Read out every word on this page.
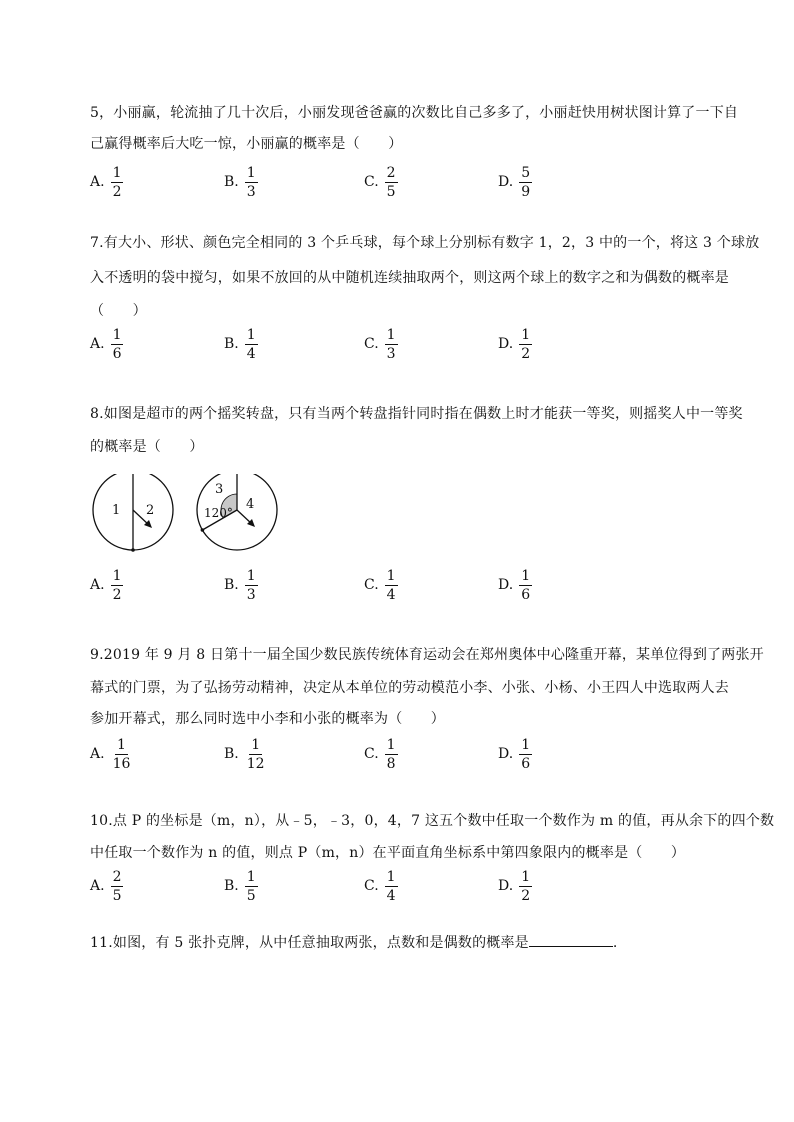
5，小丽赢，轮流抽了几十次后，小丽发现爸爸赢的次数比自己多多了，小丽赶快用树状图计算了一下自
己赢得概率后大吃一惊，小丽赢的概率是（　　）
A. $\frac{1}{2}$	B. $\frac{1}{3}$	C. $\frac{2}{5}$	D. $\frac{5}{9}$
7.有大小、形状、颜色完全相同的 3 个乒乓球，每个球上分别标有数字 1，2，3 中的一个，将这 3 个球放
入不透明的袋中搅匀，如果不放回的从中随机连续抽取两个，则这两个球上的数字之和为偶数的概率是
（　　）
A. $\frac{1}{6}$	B. $\frac{1}{4}$	C. $\frac{1}{3}$	D. $\frac{1}{2}$
8.如图是超市的两个摇奖转盘，只有当两个转盘指针同时指在偶数上时才能获一等奖，则摇奖人中一等奖
的概率是（　　）
A. $\frac{1}{2}$	B. $\frac{1}{3}$	C. $\frac{1}{4}$	D. $\frac{1}{6}$
1 2
3
4
120°
9.2019 年 9 月 8 日第十一届全国少数民族传统体育运动会在郑州奥体中心隆重开幕，某单位得到了两张开
幕式的门票，为了弘扬劳动精神，决定从本单位的劳动模范小李、小张、小杨、小王四人中选取两人去
参加开幕式，那么同时选中小李和小张的概率为（　　）
A. $\frac{1}{16}$	B. $\frac{1}{12}$	C. $\frac{1}{8}$	D. $\frac{1}{6}$
10.点 P 的坐标是（m，n），从﹣5，﹣3，0，4，7 这五个数中任取一个数作为 m 的值，再从余下的四个数
中任取一个数作为 n 的值，则点 P（m，n）在平面直角坐标系中第四象限内的概率是（　　）
A. $\frac{2}{5}$	B. $\frac{1}{5}$	C. $\frac{1}{4}$	D. $\frac{1}{2}$
11.如图，有 5 张扑克牌，从中任意抽取两张，点数和是偶数的概率是	.
